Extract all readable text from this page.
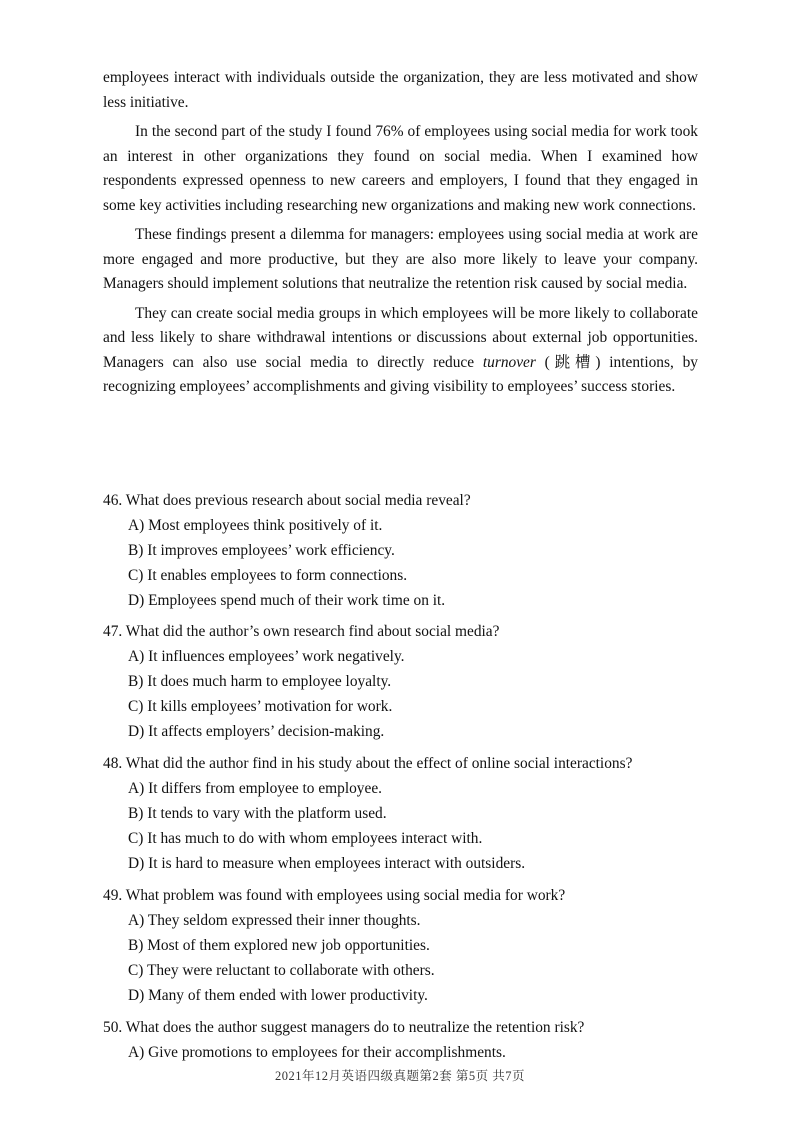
employees interact with individuals outside the organization, they are less motivated and show less initiative.

In the second part of the study I found 76% of employees using social media for work took an interest in other organizations they found on social media. When I examined how respondents expressed openness to new careers and employers, I found that they engaged in some key activities including researching new organizations and making new work connections.

These findings present a dilemma for managers: employees using social media at work are more engaged and more productive, but they are also more likely to leave your company. Managers should implement solutions that neutralize the retention risk caused by social media.

They can create social media groups in which employees will be more likely to collaborate and less likely to share withdrawal intentions or discussions about external job opportunities. Managers can also use social media to directly reduce turnover (跳槽) intentions, by recognizing employees’ accomplishments and giving visibility to employees’ success stories.

46. What does previous research about social media reveal?
A) Most employees think positively of it.
B) It improves employees’ work efficiency.
C) It enables employees to form connections.
D) Employees spend much of their work time on it.
47. What did the author’s own research find about social media?
A) It influences employees’ work negatively.
B) It does much harm to employee loyalty.
C) It kills employees’ motivation for work.
D) It affects employers’ decision-making.
48. What did the author find in his study about the effect of online social interactions?
A) It differs from employee to employee.
B) It tends to vary with the platform used.
C) It has much to do with whom employees interact with.
D) It is hard to measure when employees interact with outsiders.
49. What problem was found with employees using social media for work?
A) They seldom expressed their inner thoughts.
B) Most of them explored new job opportunities.
C) They were reluctant to collaborate with others.
D) Many of them ended with lower productivity.
50. What does the author suggest managers do to neutralize the retention risk?
A) Give promotions to employees for their accomplishments.
2021年12月英语四级真题第2套 第5页 共7页
